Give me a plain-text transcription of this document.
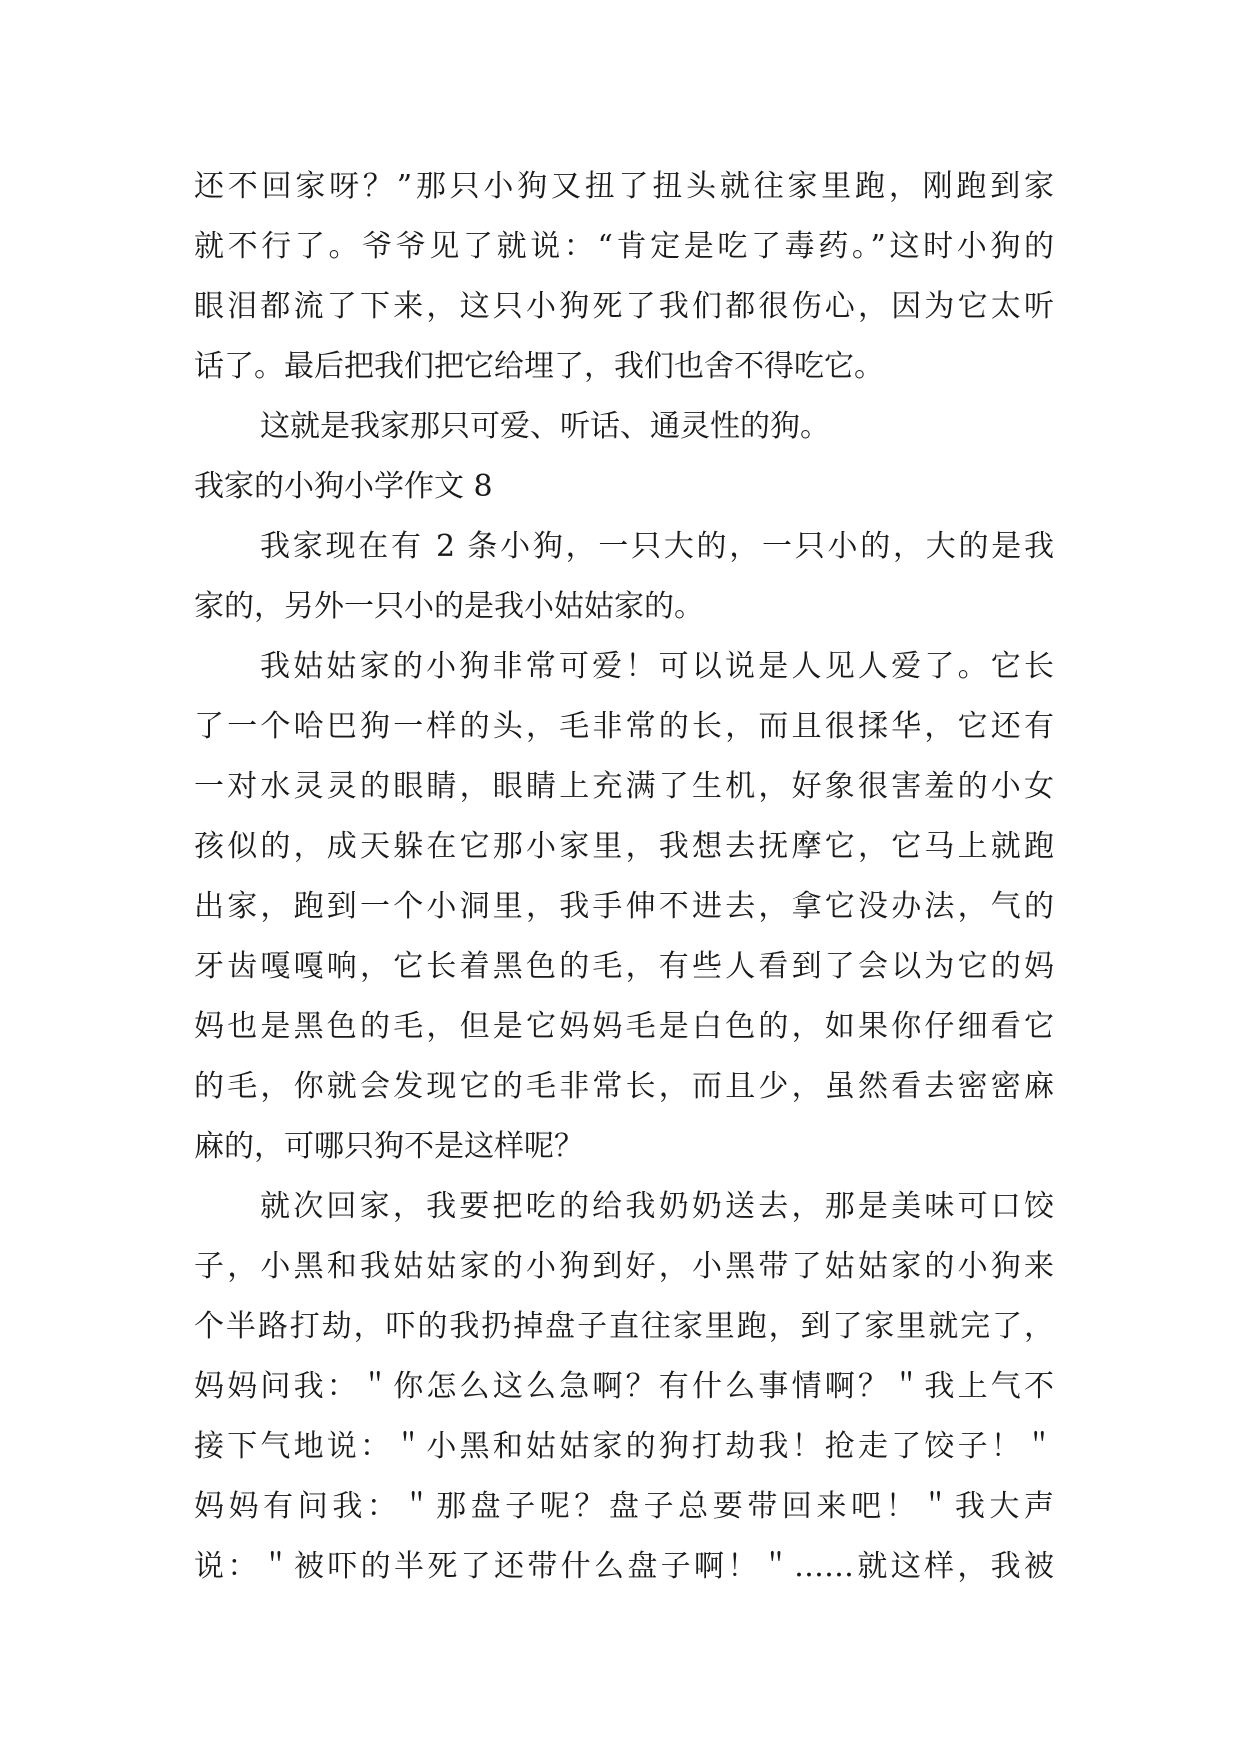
还不回家呀？”那只小狗又扭了扭头就往家里跑，刚跑到家
就不行了。爷爷见了就说：“肯定是吃了毒药。”这时小狗的
眼泪都流了下来，这只小狗死了我们都很伤心，因为它太听
话了。最后把我们把它给埋了，我们也舍不得吃它。
这就是我家那只可爱、听话、通灵性的狗。
我家的小狗小学作文 8
我家现在有 2 条小狗，一只大的，一只小的，大的是我
家的，另外一只小的是我小姑姑家的。
我姑姑家的小狗非常可爱！可以说是人见人爱了。它长
了一个哈巴狗一样的头，毛非常的长，而且很揉华，它还有
一对水灵灵的眼睛，眼睛上充满了生机，好象很害羞的小女
孩似的，成天躲在它那小家里，我想去抚摩它，它马上就跑
出家，跑到一个小洞里，我手伸不进去，拿它没办法，气的
牙齿嘎嘎响，它长着黑色的毛，有些人看到了会以为它的妈
妈也是黑色的毛，但是它妈妈毛是白色的，如果你仔细看它
的毛，你就会发现它的毛非常长，而且少，虽然看去密密麻
麻的，可哪只狗不是这样呢？
就次回家，我要把吃的给我奶奶送去，那是美味可口饺
子，小黑和我姑姑家的小狗到好，小黑带了姑姑家的小狗来
个半路打劫，吓的我扔掉盘子直往家里跑，到了家里就完了，
妈妈问我：＂你怎么这么急啊？有什么事情啊？＂我上气不
接下气地说：＂小黑和姑姑家的狗打劫我！抢走了饺子！＂
妈妈有问我：＂那盘子呢？盘子总要带回来吧！＂我大声
说：＂被吓的半死了还带什么盘子啊！＂……就这样，我被
